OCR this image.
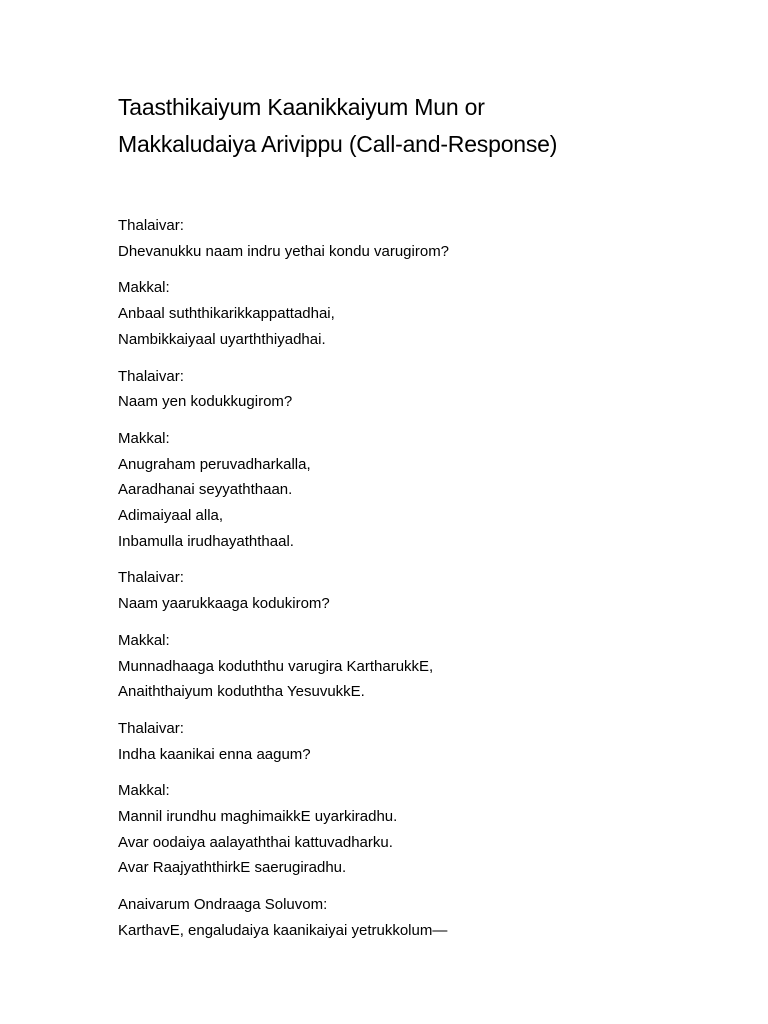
Taasthikaiyum Kaanikkaiyum Mun or
Makkaludaiya Arivippu (Call-and-Response)
Thalaivar:
Dhevanukku naam indru yethai kondu varugirom?
Makkal:
Anbaal suththikarikkappattadhai,
Nambikkaiyaal uyarththiyadhai.
Thalaivar:
Naam yen kodukkugirom?
Makkal:
Anugraham peruvadharkalla,
Aaradhanai seyyaththaan.
Adimaiyaal alla,
Inbamulla irudhayaththaal.
Thalaivar:
Naam yaarukkaaga kodukirom?
Makkal:
Munnadhaaga koduththu varugira KartharukkE,
Anaiththaiyum koduththa YesuvukkE.
Thalaivar:
Indha kaanikai enna aagum?
Makkal:
Mannil irundhu maghimaikkE uyarkiradhu.
Avar oodaiya aalayaththai kattuvadharku.
Avar RaajyaththirkE saerugiradhu.
Anaivarum Ondraaga Soluvom:
KarthavE, engaludaiya kaanikaiyai yetrukkolum—
